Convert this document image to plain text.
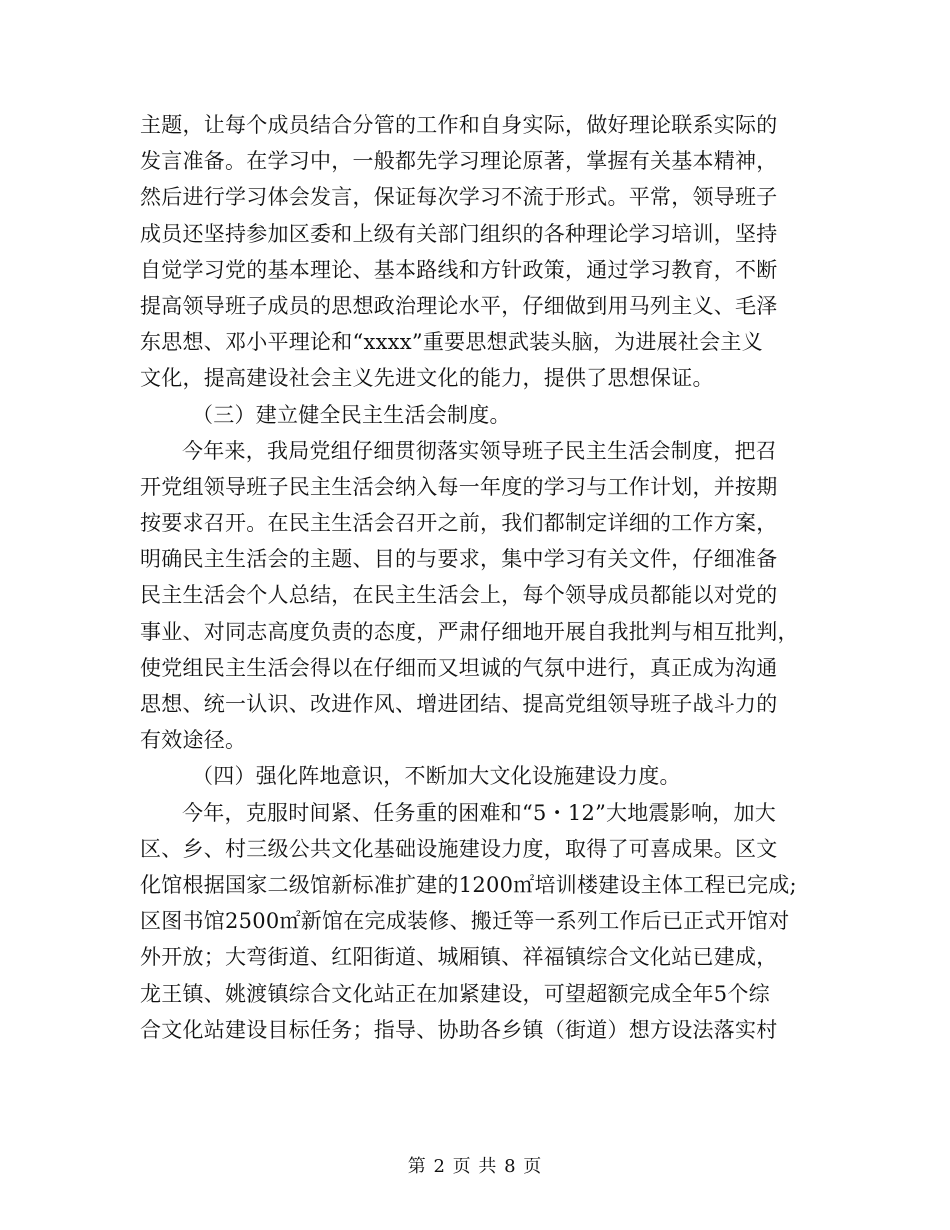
主题，让每个成员结合分管的工作和自身实际，做好理论联系实际的
发言准备。在学习中，一般都先学习理论原著，掌握有关基本精神，
然后进行学习体会发言，保证每次学习不流于形式。平常，领导班子
成员还坚持参加区委和上级有关部门组织的各种理论学习培训，坚持
自觉学习党的基本理论、基本路线和方针政策，通过学习教育，不断
提高领导班子成员的思想政治理论水平，仔细做到用马列主义、毛泽
东思想、邓小平理论和“xxxx”重要思想武装头脑，为进展社会主义
文化，提高建设社会主义先进文化的能力，提供了思想保证。
（三）建立健全民主生活会制度。
今年来，我局党组仔细贯彻落实领导班子民主生活会制度，把召
开党组领导班子民主生活会纳入每一年度的学习与工作计划，并按期
按要求召开。在民主生活会召开之前，我们都制定详细的工作方案，
明确民主生活会的主题、目的与要求，集中学习有关文件，仔细准备
民主生活会个人总结，在民主生活会上，每个领导成员都能以对党的
事业、对同志高度负责的态度，严肃仔细地开展自我批判与相互批判，
使党组民主生活会得以在仔细而又坦诚的气氛中进行，真正成为沟通
思想、统一认识、改进作风、增进团结、提高党组领导班子战斗力的
有效途径。
（四）强化阵地意识，不断加大文化设施建设力度。
今年，克服时间紧、任务重的困难和“5・12”大地震影响，加大
区、乡、村三级公共文化基础设施建设力度，取得了可喜成果。区文
化馆根据国家二级馆新标准扩建的1200㎡培训楼建设主体工程已完成;
区图书馆2500㎡新馆在完成装修、搬迁等一系列工作后已正式开馆对
外开放；大弯街道、红阳街道、城厢镇、祥福镇综合文化站已建成，
龙王镇、姚渡镇综合文化站正在加紧建设，可望超额完成全年5个综
合文化站建设目标任务；指导、协助各乡镇（街道）想方设法落实村
第 2 页 共 8 页
